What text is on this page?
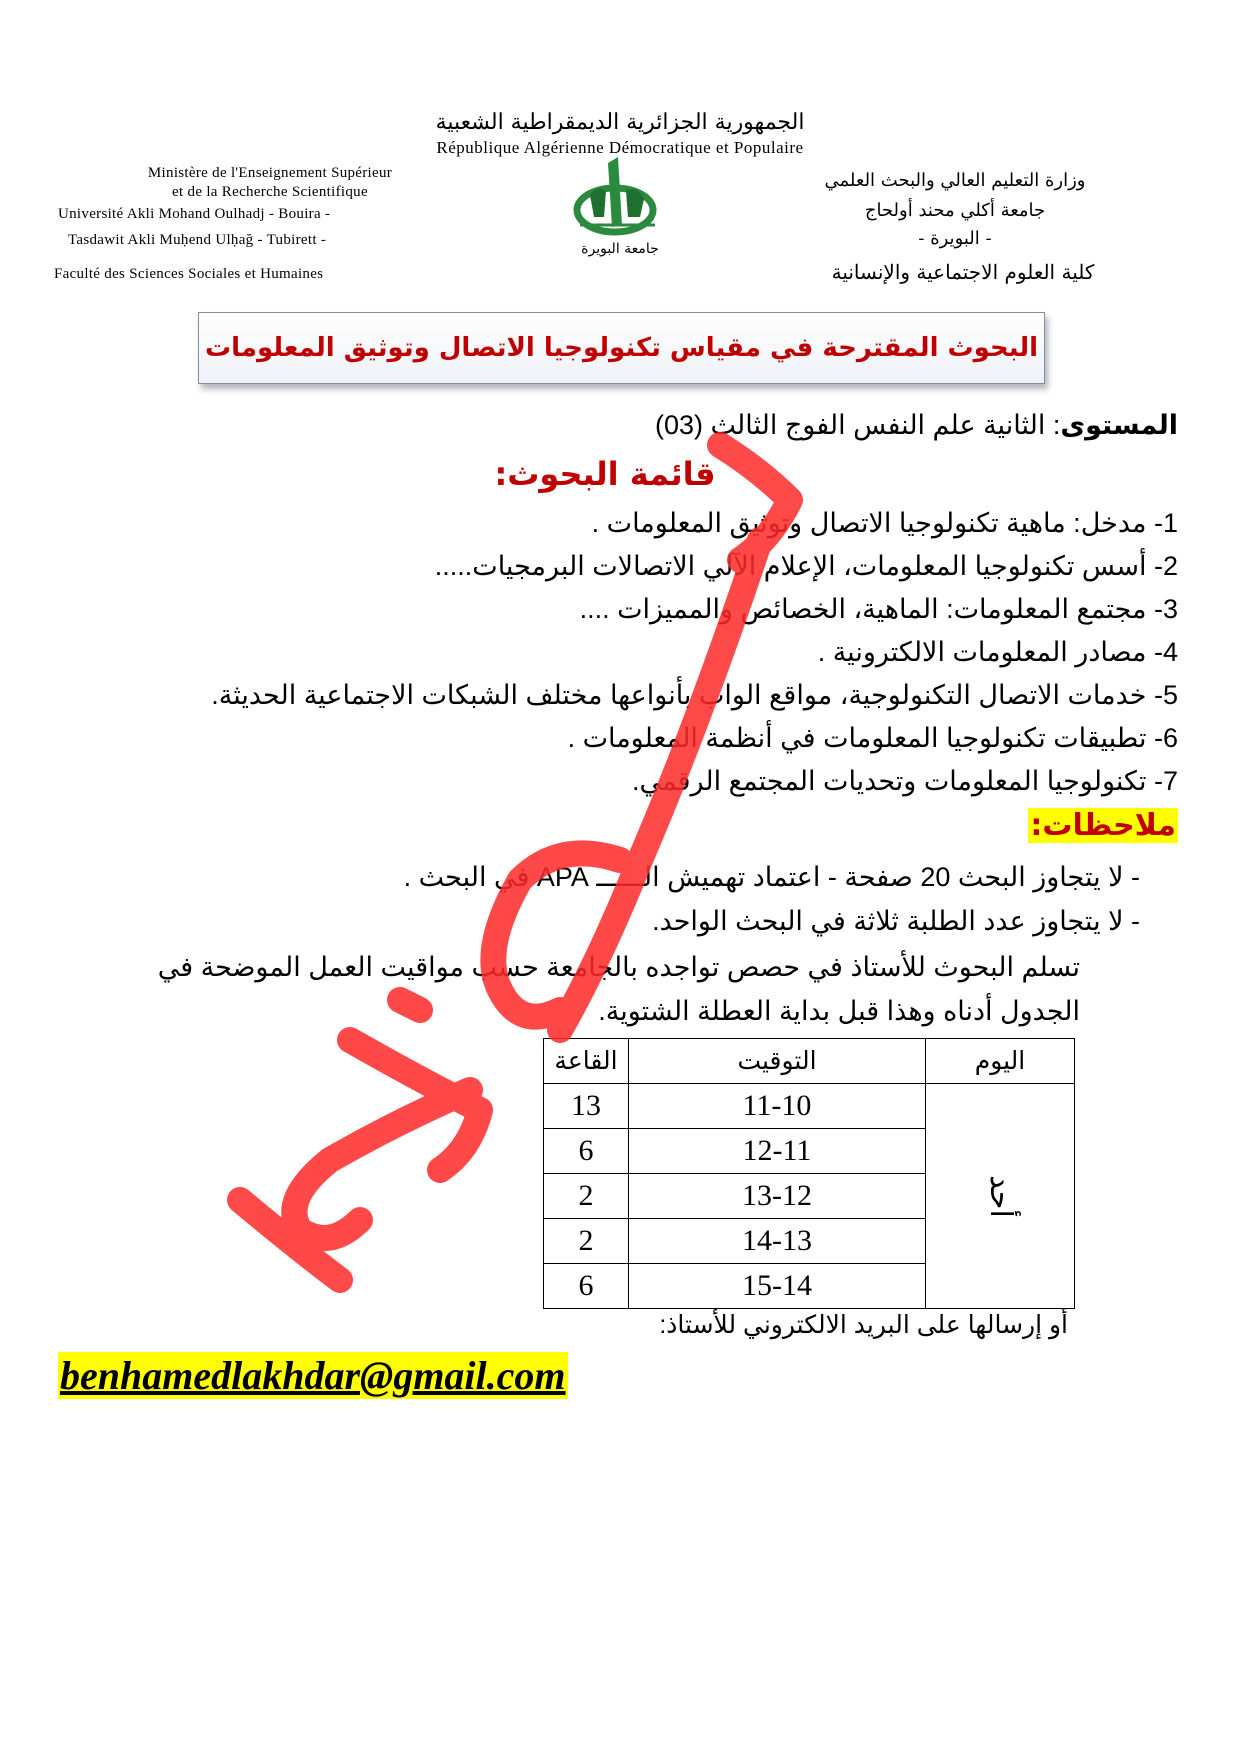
الجمهورية الجزائرية الديمقراطية الشعبية
République Algérienne Démocratique et Populaire
Ministère de l'Enseignement Supérieur
et de la Recherche Scientifique
Université Akli Mohand Oulhadj - Bouira -
Tasdawit Akli Muḥend Ulḥağ - Tubirett -
Faculté des Sciences Sociales et Humaines
وزارة التعليم العالي والبحث العلمي
جامعة أكلي محند أولحاج
- البويرة -
كلية العلوم الاجتماعية والإنسانية
جامعة البويرة
البحوث المقترحة في مقياس تكنولوجيا الاتصال وتوثيق المعلومات
المستوى: الثانية علم النفس الفوج الثالث (03)
قائمة البحوث:
1- مدخل: ماهية تكنولوجيا الاتصال وتوثيق المعلومات .
2- أسس تكنولوجيا المعلومات، الإعلام الآلي الاتصالات البرمجيات.....
3- مجتمع المعلومات: الماهية، الخصائص والمميزات ....
4- مصادر المعلومات الالكترونية .
5- خدمات الاتصال التكنولوجية، مواقع الواب بأنواعها مختلف الشبكات الاجتماعية الحديثة.
6- تطبيقات تكنولوجيا المعلومات في أنظمة المعلومات .
7- تكنولوجيا المعلومات وتحديات المجتمع الرقمي.
ملاحظات:
- لا يتجاوز البحث 20 صفحة - اعتماد تهميش الــــــ APA في البحث .
- لا يتجاوز عدد الطلبة ثلاثة في البحث الواحد.
تسلم البحوث للأستاذ في حصص تواجده بالجامعة حسب مواقيت العمل الموضحة في
الجدول أدناه وهذا قبل بداية العطلة الشتوية.
اليوم	التوقيت	القاعة
أحد	11-10	13
	12-11	6
	13-12	2
	14-13	2
	15-14	6
أو إرسالها على البريد الالكتروني للأستاذ:
benhamedlakhdar@gmail.com
